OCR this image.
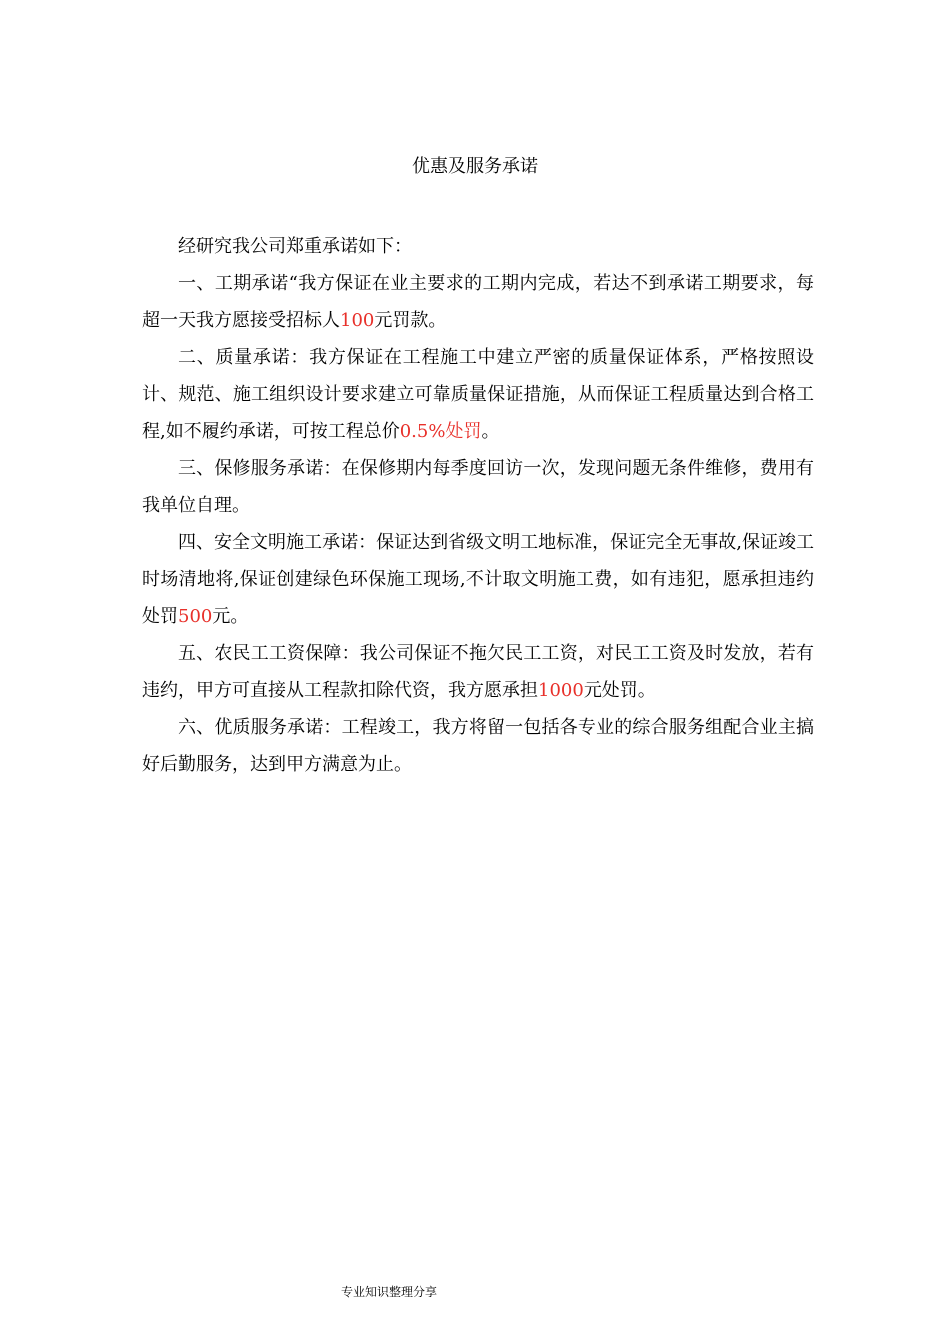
优惠及服务承诺

经研究我公司郑重承诺如下：

一、工期承诺“我方保证在业主要求的工期内完成，若达不到承诺工期要求，每超一天我方愿接受招标人100元罚款。

二、质量承诺：我方保证在工程施工中建立严密的质量保证体系，严格按照设计、规范、施工组织设计要求建立可靠质量保证措施，从而保证工程质量达到合格工程,如不履约承诺，可按工程总价0.5%处罚。

三、保修服务承诺：在保修期内每季度回访一次，发现问题无条件维修，费用有我单位自理。

四、安全文明施工承诺：保证达到省级文明工地标准，保证完全无事故,保证竣工时场清地将,保证创建绿色环保施工现场,不计取文明施工费，如有违犯，愿承担违约处罚500元。

五、农民工工资保障：我公司保证不拖欠民工工资，对民工工资及时发放，若有违约，甲方可直接从工程款扣除代资，我方愿承担1000元处罚。

六、优质服务承诺：工程竣工，我方将留一包括各专业的综合服务组配合业主搞好后勤服务，达到甲方满意为止。

专业知识整理分享
